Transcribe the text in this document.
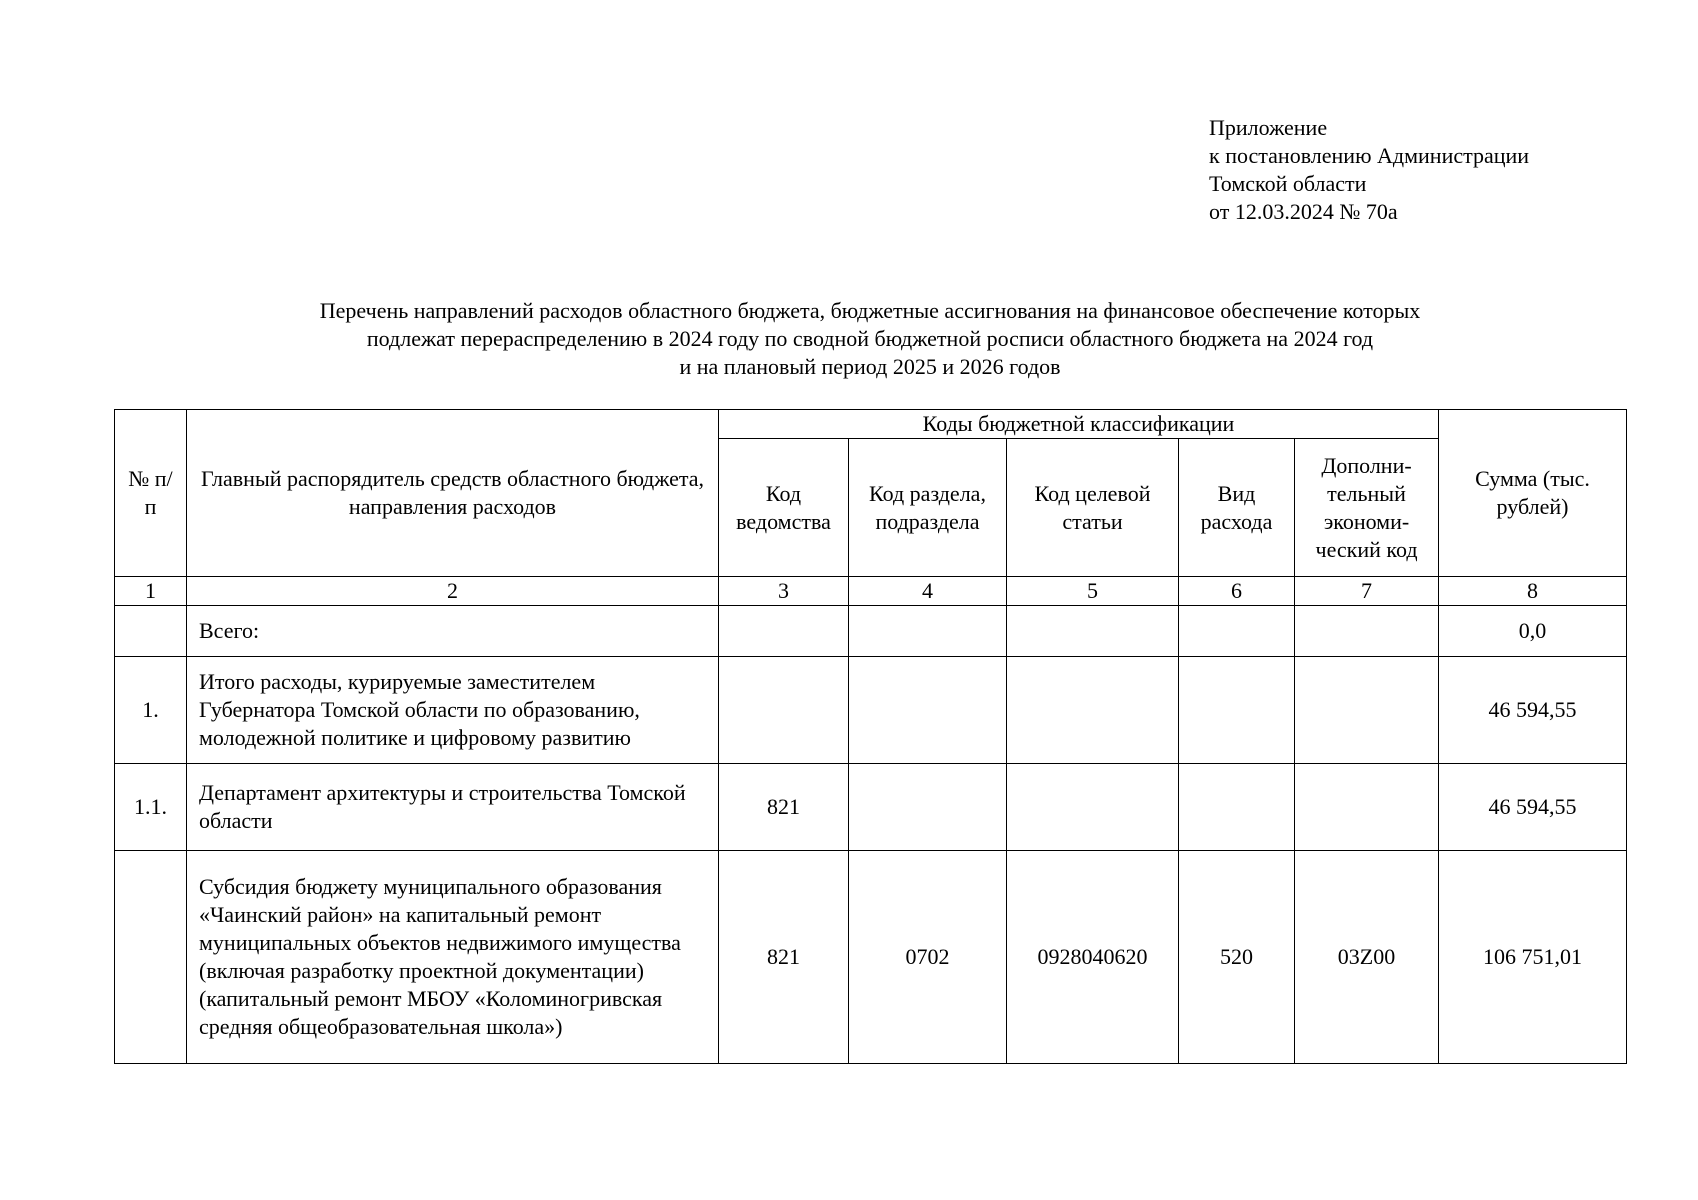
Приложение
к постановлению Администрации
Томской области
от 12.03.2024 № 70а
Перечень направлений расходов областного бюджета, бюджетные ассигнования на финансовое обеспечение которых
подлежат перераспределению в 2024 году по сводной бюджетной росписи областного бюджета на 2024 год
и на плановый период 2025 и 2026 годов
№ п/п	Главный распорядитель средств областного бюджета, направления расходов	Коды бюджетной классификации					Сумма (тыс. рублей)
		Код ведомства	Код раздела, подраздела	Код целевой статьи	Вид расхода	Дополни-тельный экономи-ческий код	
1	2	3	4	5	6	7	8
	Всего:						0,0
1.	Итого расходы, курируемые заместителем Губернатора Томской области по образованию, молодежной политике и цифровому развитию						46 594,55
1.1.	Департамент архитектуры и строительства Томской области	821					46 594,55
	Субсидия бюджету муниципального образования «Чаинский район» на капитальный ремонт муниципальных объектов недвижимого имущества (включая разработку проектной документации) (капитальный ремонт МБОУ «Коломиногривская средняя общеобразовательная школа»)	821	0702	0928040620	520	03Z00	106 751,01
